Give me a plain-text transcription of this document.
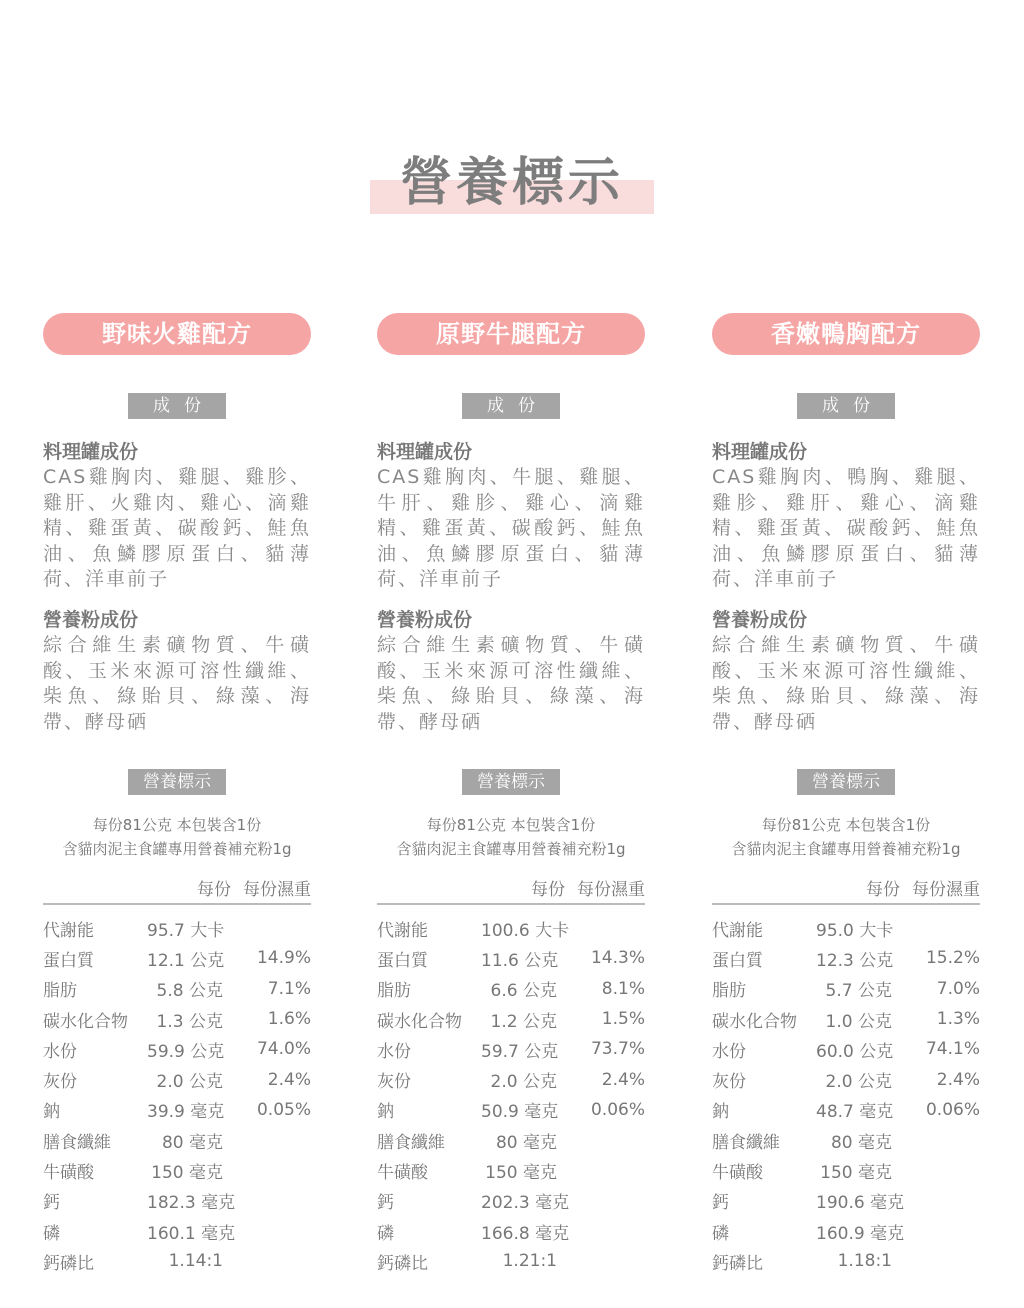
營養標示
野味火雞配方
成份
料理罐成份
CAS雞胸肉、雞腿、雞胗、雞肝、火雞肉、雞心、滴雞精、雞蛋黃、碳酸鈣、鮭魚油、魚鱗膠原蛋白、貓薄荷、洋車前子
營養粉成份
綜合維生素礦物質、牛磺酸、玉米來源可溶性纖維、柴魚、綠貽貝、綠藻、海帶、酵母硒
營養標示
每份81公克 本包裝含1份
含貓肉泥主食罐專用營養補充粉1g
每份 每份濕重
代謝能	95.7 大卡
蛋白質	12.1 公克	14.9%
脂肪	5.8 公克	7.1%
碳水化合物	1.3 公克	1.6%
水份	59.9 公克	74.0%
灰份	2.0 公克	2.4%
鈉	39.9 毫克	0.05%
膳食纖維	80 毫克
牛磺酸	150 毫克
鈣	182.3 毫克
磷	160.1 毫克
鈣磷比	1.14:1
原野牛腿配方
成份
料理罐成份
CAS雞胸肉、牛腿、雞腿、牛肝、雞胗、雞心、滴雞精、雞蛋黃、碳酸鈣、鮭魚油、魚鱗膠原蛋白、貓薄荷、洋車前子
營養粉成份
綜合維生素礦物質、牛磺酸、玉米來源可溶性纖維、柴魚、綠貽貝、綠藻、海帶、酵母硒
營養標示
每份81公克 本包裝含1份
含貓肉泥主食罐專用營養補充粉1g
每份 每份濕重
代謝能	100.6 大卡
蛋白質	11.6 公克	14.3%
脂肪	6.6 公克	8.1%
碳水化合物	1.2 公克	1.5%
水份	59.7 公克	73.7%
灰份	2.0 公克	2.4%
鈉	50.9 毫克	0.06%
膳食纖維	80 毫克
牛磺酸	150 毫克
鈣	202.3 毫克
磷	166.8 毫克
鈣磷比	1.21:1
香嫩鴨胸配方
成份
料理罐成份
CAS雞胸肉、鴨胸、雞腿、雞胗、雞肝、雞心、滴雞精、雞蛋黃、碳酸鈣、鮭魚油、魚鱗膠原蛋白、貓薄荷、洋車前子
營養粉成份
綜合維生素礦物質、牛磺酸、玉米來源可溶性纖維、柴魚、綠貽貝、綠藻、海帶、酵母硒
營養標示
每份81公克 本包裝含1份
含貓肉泥主食罐專用營養補充粉1g
每份 每份濕重
代謝能	95.0 大卡
蛋白質	12.3 公克	15.2%
脂肪	5.7 公克	7.0%
碳水化合物	1.0 公克	1.3%
水份	60.0 公克	74.1%
灰份	2.0 公克	2.4%
鈉	48.7 毫克	0.06%
膳食纖維	80 毫克
牛磺酸	150 毫克
鈣	190.6 毫克
磷	160.9 毫克
鈣磷比	1.18:1
